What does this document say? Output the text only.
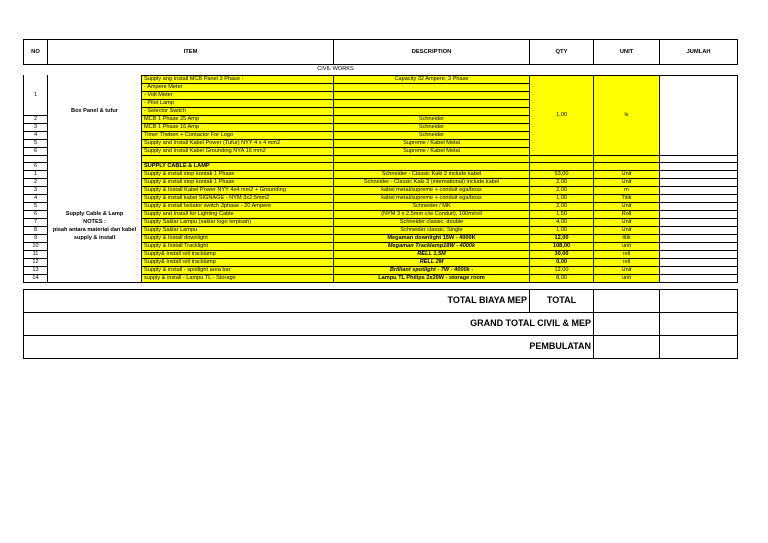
NO	ITEM		DESCRIPTION	QTY	UNIT	JUMLAH
		CIVIL WORKS				
		Supply ang Install MCB Panel 3 Phase :	Capacity 32 Ampere, 3 Phase	1,00	ls	
		- Ampere Meter				
1		- Volt Meter				
		- Pilot Lamp				
	Box Panel & tufur	- Selector Switch				
2		MCB 1 Phase 25 Amp	Schneider			
3		MCB 1 Phase 16 Amp	Schneider			
4		Timer Theben + Contactor For Logo	Schneider			
5		Supply and Install Kabel Power (Tufur) NYY 4 x 4 mm2	Supreme / Kabel Metal			
6		Supply and Install Kabel Grounding NYA 16 mm2	Supreme / Kabel Metal			

6		SUPPLY CABLE & LAMP				
1		Supply & install stop kontak 1 Phase	Schneider - Classic Kaki 2 include kabel	53,00	Unit	
2		Supply & install stop kontak 1 Phase	Schneider - Classic Kaki 3 (international) include kabel	2,00	Unit	
3		Supply & Install Kabel Power NYY 4x4 mm2 + Grounding	kabel metal/supreme + conduit ega/boss	2,00	m	
4		Supply & install kabel SIGNAGE - NYM 3x2.5mm2	kabel metal/supreme + conduit ega/boss	1,00	Titik	
5		Supply & install Isolator switch 3phase - 20 Ampere	Schneider / MK	2,00	Unit	
6	Supply Cable & Lamp	Supply and Install for Lighting Cable	(NYM 3 x 2,5mm c/w Conduit), 100m/roll	1,50	Roll	
7	NOTES :	Supply Saklar Lampu (saklar logo terpisah)	Schneider classic. double	4,00	Unit	
8	pisah antara material dan kabel	Supply Saklar Lampu	Schneider classic. Single	1,00	Unit	
9	supply & install	Supply & Install downlight	Megaman downlight 15W - 4000K	12,00	titik	
10		Supply & Install Tracklight	Megaman Tracklamp18W - 4000k	108,00	unit	
11		Supply& Install rell tracklamp	RELL 1,5M	30,00	rell	
12		Supply& Install rell tracklamp	RELL 2M	0,00	rell	
13		Supply & install - spotlight area bar	Brilliant spotlight - 7W - 4000k -	12,00	Unit	
14		supply & install - Lampu TL - Storage	Lampu TL Philips 2x20W - storage room	8,00	unit	

TOTAL BIAYA MEP				TOTAL		
GRAND TOTAL CIVIL & MEP						
PEMBULATAN						
